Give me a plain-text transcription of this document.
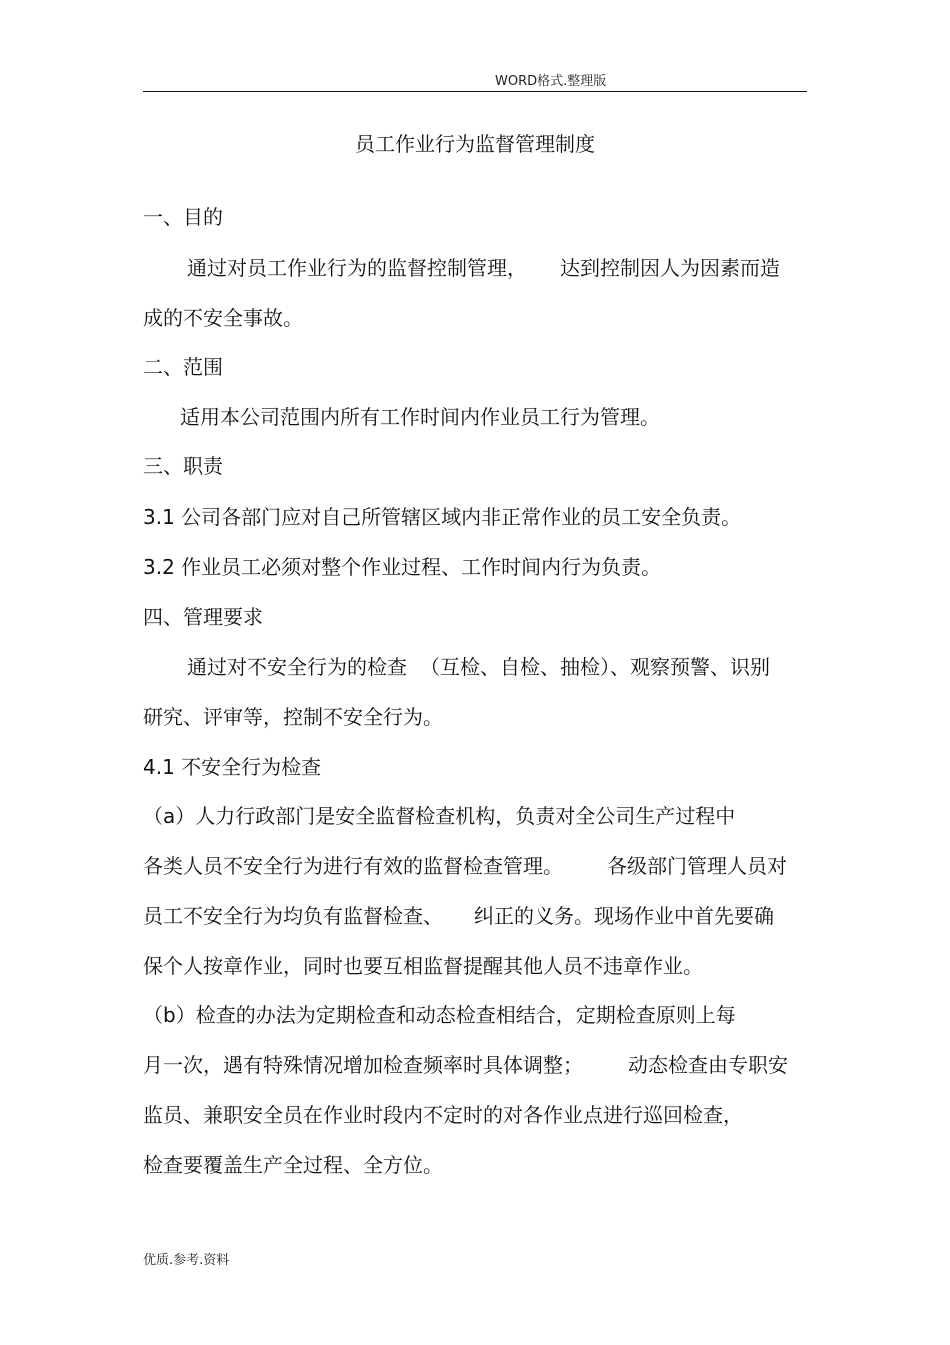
WORD格式.整理版
员工作业行为监督管理制度
一、目的
通过对员工作业行为的监督控制管理， 达到控制因人为因素而造
成的不安全事故。
二、范围
适用本公司范围内所有工作时间内作业员工行为管理。
三、职责
3.1 公司各部门应对自己所管辖区域内非正常作业的员工安全负责。
3.2 作业员工必须对整个作业过程、工作时间内行为负责。
四、管理要求
通过对不安全行为的检查 （互检、自检、抽检）、观察预警、识别
研究、评审等，控制不安全行为。
4.1 不安全行为检查
（a）人力行政部门是安全监督检查机构，负责对全公司生产过程中
各类人员不安全行为进行有效的监督检查管理。 各级部门管理人员对
员工不安全行为均负有监督检查、 纠正的义务。现场作业中首先要确
保个人按章作业，同时也要互相监督提醒其他人员不违章作业。
（b）检查的办法为定期检查和动态检查相结合，定期检查原则上每
月一次，遇有特殊情况增加检查频率时具体调整； 动态检查由专职安
监员、兼职安全员在作业时段内不定时的对各作业点进行巡回检查，
检查要覆盖生产全过程、全方位。
优质.参考.资料
